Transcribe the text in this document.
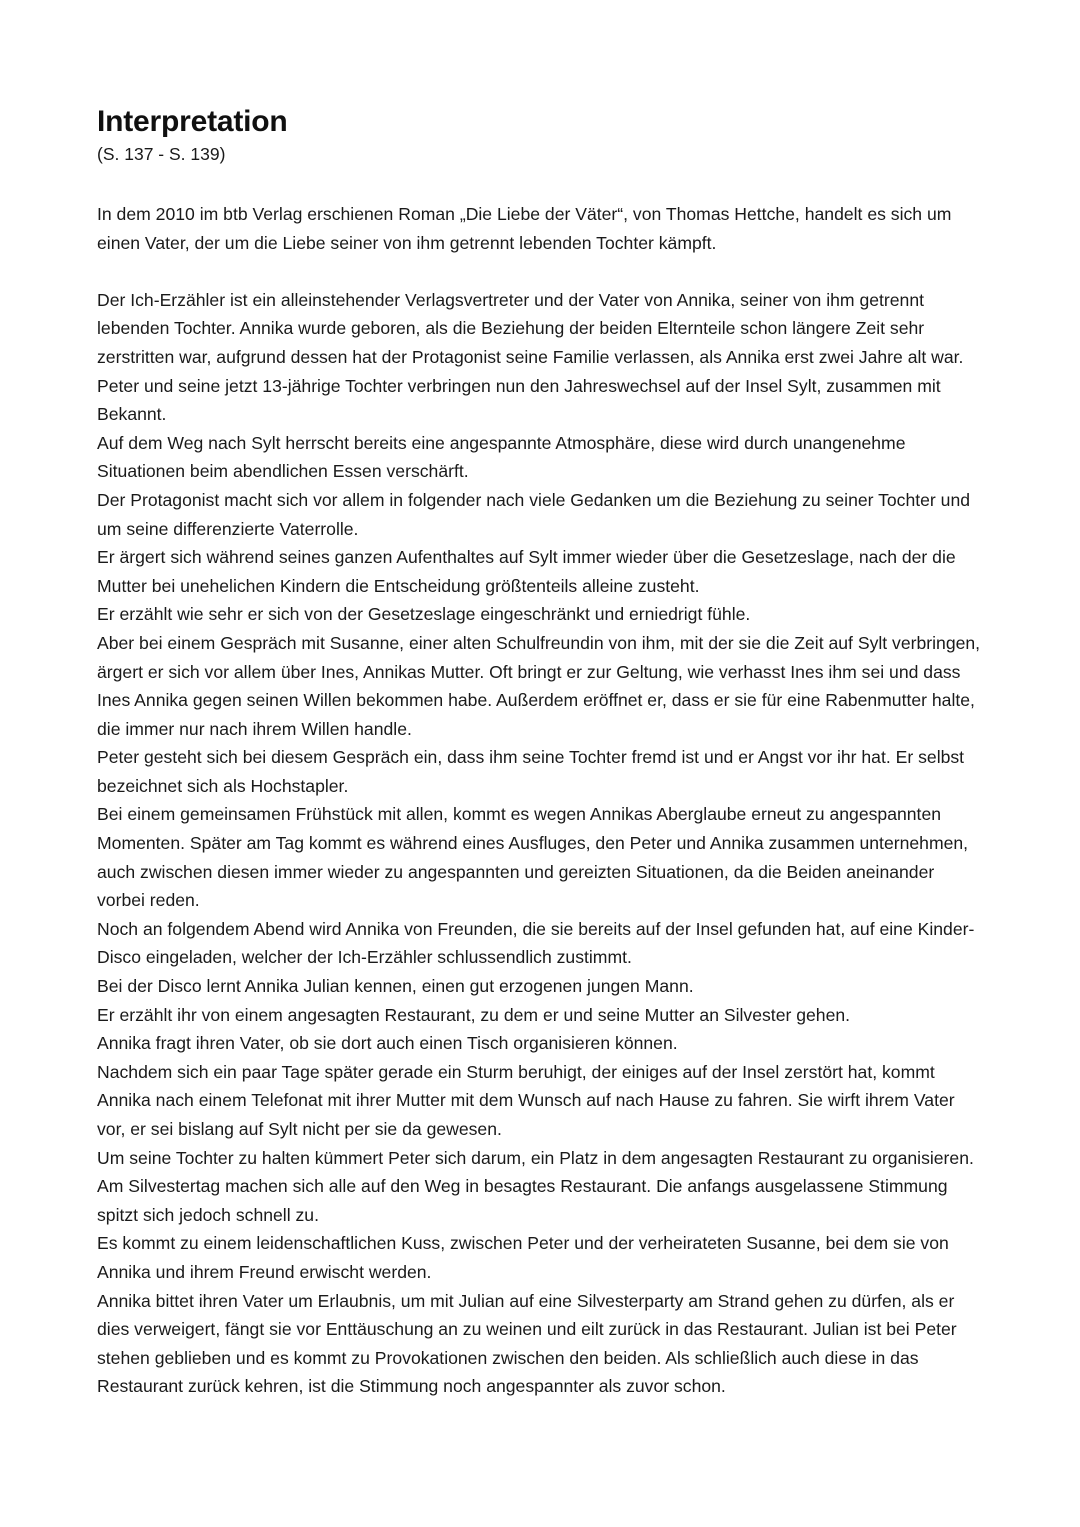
Interpretation
(S. 137 - S. 139)

In dem 2010 im btb Verlag erschienen Roman „Die Liebe der Väter“, von Thomas Hettche, handelt es sich um einen Vater, der um die Liebe seiner von ihm getrennt lebenden Tochter kämpft.

Der Ich-Erzähler ist ein alleinstehender Verlagsvertreter und der Vater von Annika, seiner von ihm getrennt lebenden Tochter. Annika wurde geboren, als die Beziehung der beiden Elternteile schon längere Zeit sehr zerstritten war, aufgrund dessen hat der Protagonist seine Familie verlassen, als Annika erst zwei Jahre alt war.

Peter und seine jetzt 13-jährige Tochter verbringen nun den Jahreswechsel auf der Insel Sylt, zusammen mit Bekannt.

Auf dem Weg nach Sylt herrscht bereits eine angespannte Atmosphäre, diese wird durch unangenehme Situationen beim abendlichen Essen verschärft.

Der Protagonist macht sich vor allem in folgender nach viele Gedanken um die Beziehung zu seiner Tochter und um seine differenzierte Vaterrolle.

Er ärgert sich während seines ganzen Aufenthaltes auf Sylt immer wieder über die Gesetzeslage, nach der die Mutter bei unehelichen Kindern die Entscheidung größtenteils alleine zusteht.

Er erzählt wie sehr er sich von der Gesetzeslage eingeschränkt und erniedrigt fühle.

Aber bei einem Gespräch mit Susanne, einer alten Schulfreundin von ihm, mit der sie die Zeit auf Sylt verbringen, ärgert er sich vor allem über Ines, Annikas Mutter. Oft bringt er zur Geltung, wie verhasst Ines ihm sei und dass Ines Annika gegen seinen Willen bekommen habe. Außerdem eröffnet er, dass er sie für eine Rabenmutter halte, die immer nur nach ihrem Willen handle.

Peter gesteht sich bei diesem Gespräch ein, dass ihm seine Tochter fremd ist und er Angst vor ihr hat. Er selbst bezeichnet sich als Hochstapler.

Bei einem gemeinsamen Frühstück mit allen, kommt es wegen Annikas Aberglaube erneut zu angespannten Momenten. Später am Tag kommt es während eines Ausfluges, den Peter und Annika zusammen unternehmen, auch zwischen diesen immer wieder zu angespannten und gereizten Situationen, da die Beiden aneinander vorbei reden.

Noch an folgendem Abend wird Annika von Freunden, die sie bereits auf der Insel gefunden hat, auf eine Kinder-Disco eingeladen, welcher der Ich-Erzähler schlussendlich zustimmt.

Bei der Disco lernt Annika Julian kennen, einen gut erzogenen jungen Mann.

Er erzählt ihr von einem angesagten Restaurant, zu dem er und seine Mutter an Silvester gehen.

Annika fragt ihren Vater, ob sie dort auch einen Tisch organisieren können.

Nachdem sich ein paar Tage später gerade ein Sturm beruhigt, der einiges auf der Insel zerstört hat, kommt Annika nach einem Telefonat mit ihrer Mutter mit dem Wunsch auf nach Hause zu fahren. Sie wirft ihrem Vater vor, er sei bislang auf Sylt nicht per sie da gewesen.

Um seine Tochter zu halten kümmert Peter sich darum, ein Platz in dem angesagten Restaurant zu organisieren.

Am Silvestertag machen sich alle auf den Weg in besagtes Restaurant. Die anfangs ausgelassene Stimmung spitzt sich jedoch schnell zu.

Es kommt zu einem leidenschaftlichen Kuss, zwischen Peter und der verheirateten Susanne, bei dem sie von Annika und ihrem Freund erwischt werden.

Annika bittet ihren Vater um Erlaubnis, um mit Julian auf eine Silvesterparty am Strand gehen zu dürfen, als er dies verweigert, fängt sie vor Enttäuschung an zu weinen und eilt zurück in das Restaurant. Julian ist bei Peter stehen geblieben und es kommt zu Provokationen zwischen den beiden. Als schließlich auch diese in das Restaurant zurück kehren, ist die Stimmung noch angespannter als zuvor schon.
